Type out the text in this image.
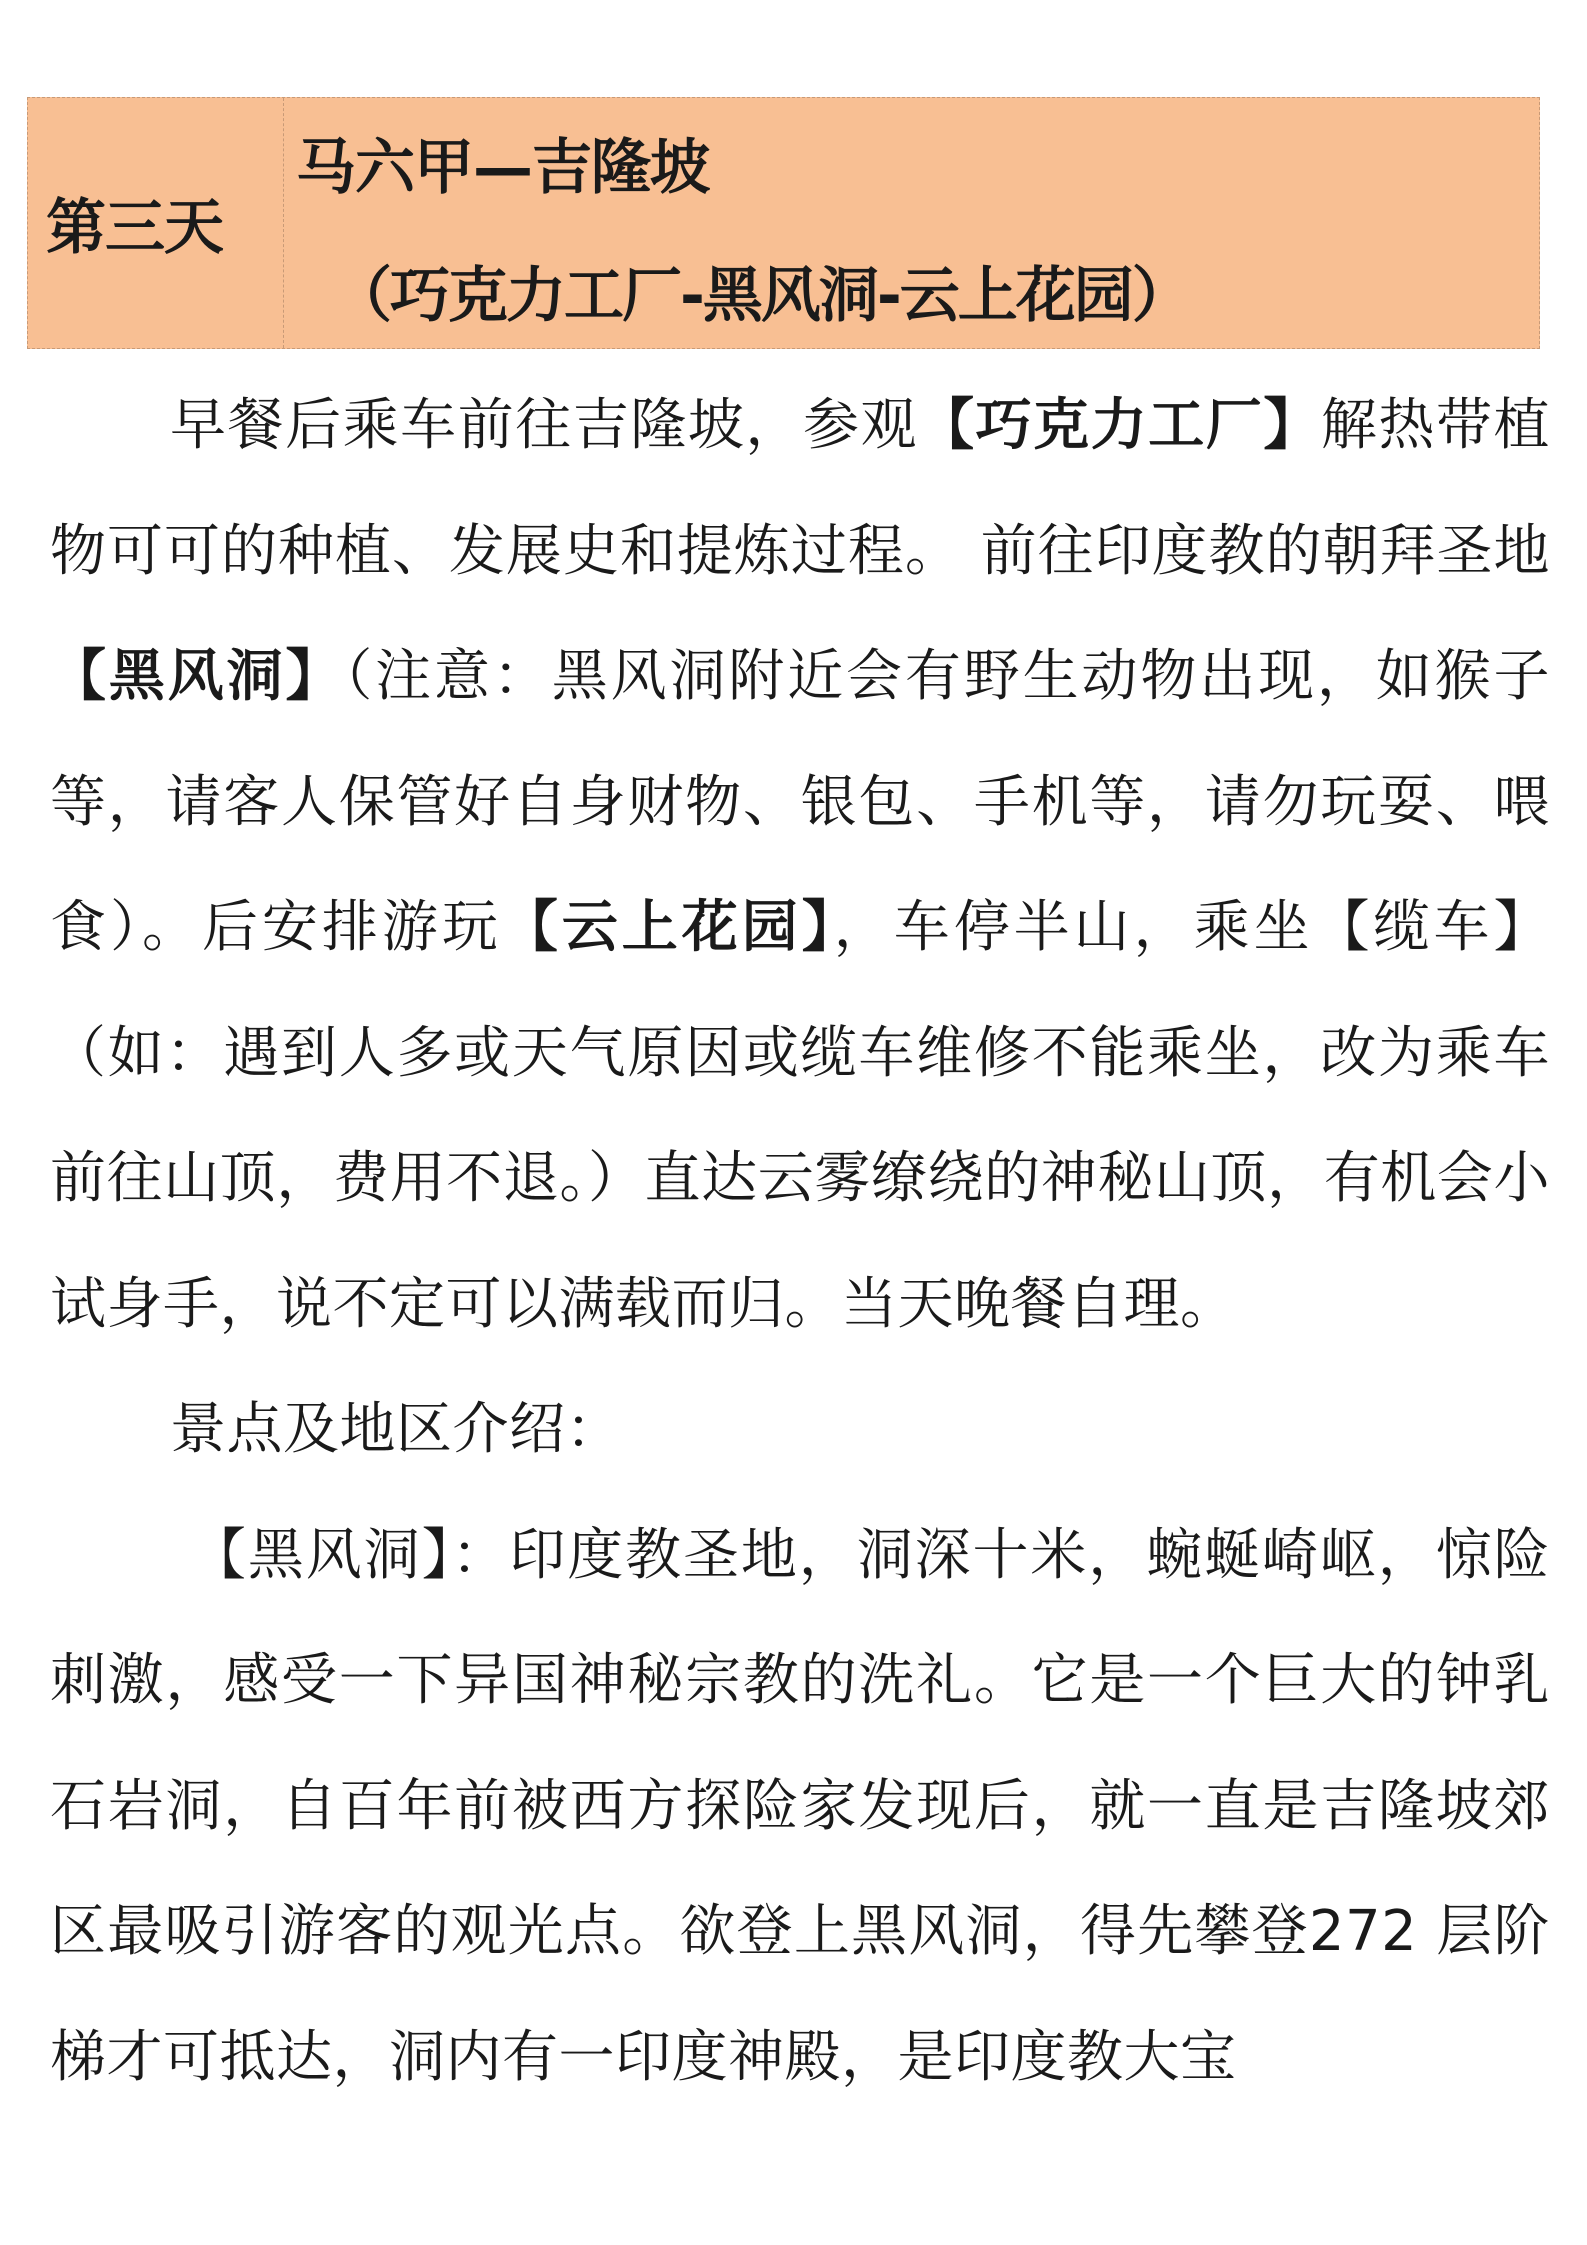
第三天
马六甲—吉隆坡
（巧克力工厂-黑风洞-云上花园）

早餐后乘车前往吉隆坡，参观【巧克力工厂】解热带植物可可的种植、发展史和提炼过程。 前往印度教的朝拜圣地【黑风洞】（注意：黑风洞附近会有野生动物出现，如猴子等，请客人保管好自身财物、银包、手机等，请勿玩耍、喂食）。后安排游玩【云上花园】，车停半山，乘坐【缆车】（如：遇到人多或天气原因或缆车维修不能乘坐，改为乘车前往山顶，费用不退。）直达云雾缭绕的神秘山顶，有机会小试身手，说不定可以满载而归。当天晚餐自理。

景点及地区介绍：

【黑风洞】：印度教圣地，洞深十米，蜿蜒崎岖，惊险刺激，感受一下异国神秘宗教的洗礼。它是一个巨大的钟乳石岩洞，自百年前被西方探险家发现后，就一直是吉隆坡郊区最吸引游客的观光点。欲登上黑风洞，得先攀登272 层阶梯才可抵达，洞内有一印度神殿，是印度教大宝
